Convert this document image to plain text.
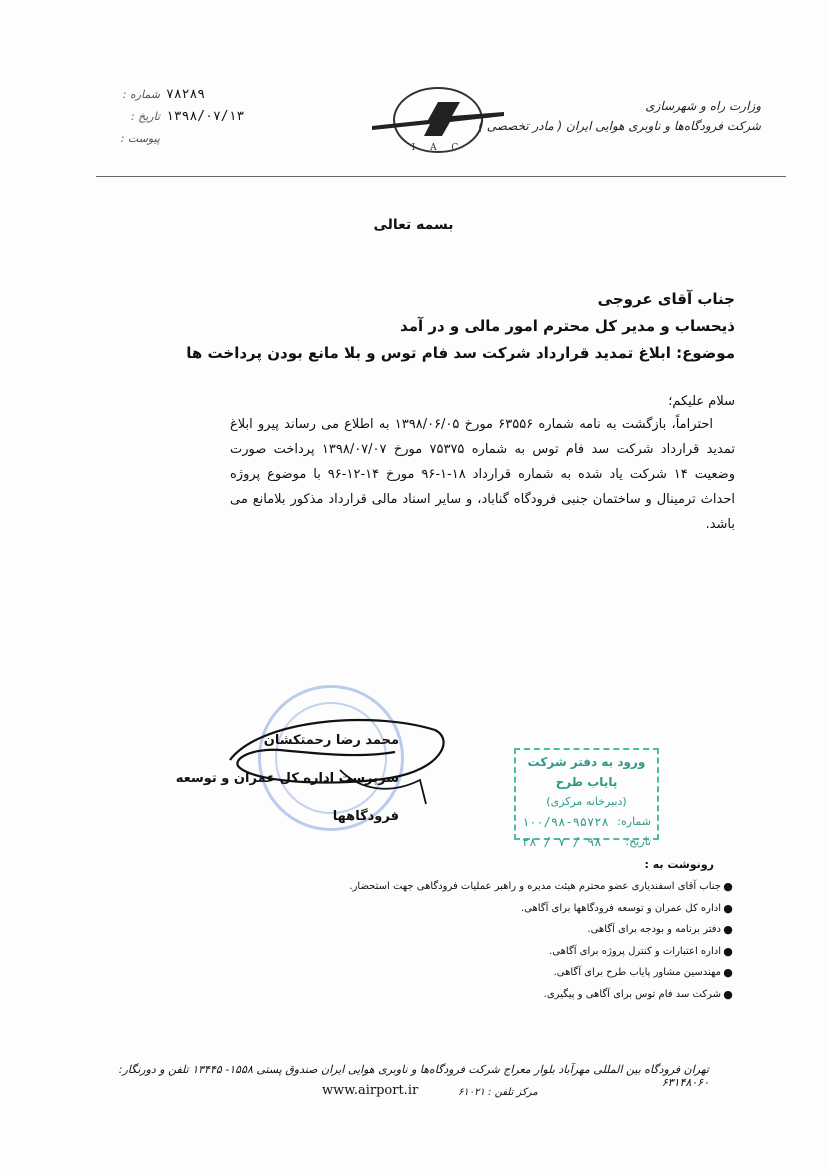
۷۸۲۸۹
شماره :
۱۳۹۸/۰۷/۱۳
تاریخ :
پیوست :
I A C
وزارت راه و شهرسازی
شرکت فرودگاه‌ها و ناوبری هوایی ایران ( مادر تخصصی )
بسمه تعالی
جناب آقای عروجی
ذیحساب و مدیر کل محترم امور مالی و در آمد
موضوع: ابلاغ تمدید قرارداد شرکت سد فام توس و بلا مانع بودن پرداخت ها
سلام علیکم؛
احتراماً، بازگشت به نامه شماره ۶۳۵۵۶ مورخ ۱۳۹۸/۰۶/۰۵ به اطلاع می رساند پیرو ابلاغ تمدید قرارداد شرکت سد فام توس به شماره ۷۵۳۷۵ مورخ ۱۳۹۸/۰۷/۰۷ پرداخت صورت وضعیت ۱۴ شرکت یاد شده به شماره قرارداد ۱۸-۱-۹۶ مورخ ۱۴-۱۲-۹۶ با موضوع پروژه احداث ترمینال و ساختمان جنبی فرودگاه گناباد، و سایر اسناد مالی قرارداد مذکور بلامانع می باشد.
محمد رضا رحمتکشان
سرپرست اداره کل عمران و توسعه فرودگاهها
ورود به دفتر شرکت پایاب طرح
(دبیرخانه مرکزی)
شماره:
۱۰۰/۹۸-۹۵۷۲۸
تاریخ:
۹۸ / ۷ / ۲۸
رونوشت به :
●
جناب آقای اسفندیاری عضو محترم هیئت مدیره و راهبر عملیات فرودگاهی جهت استحضار.
●
اداره کل عمران و توسعه فرودگاهها برای آگاهی.
●
دفتر برنامه و بودجه برای آگاهی.
●
اداره اعتبارات و کنترل پروژه برای آگاهی.
●
مهندسین مشاور پایاب طرح برای آگاهی.
●
شرکت سد فام توس برای آگاهی و پیگیری.
تهران فرودگاه بین المللی مهرآباد بلوار معراج شرکت فرودگاه‌ها و ناوبری هوایی ایران صندوق پستی ۱۵۵۸- ۱۳۴۴۵ تلفن و دورنگار: ۶۳۱۴۸۰۶۰
www.airport.ir	مرکز تلفن : ۶۱۰۲۱
